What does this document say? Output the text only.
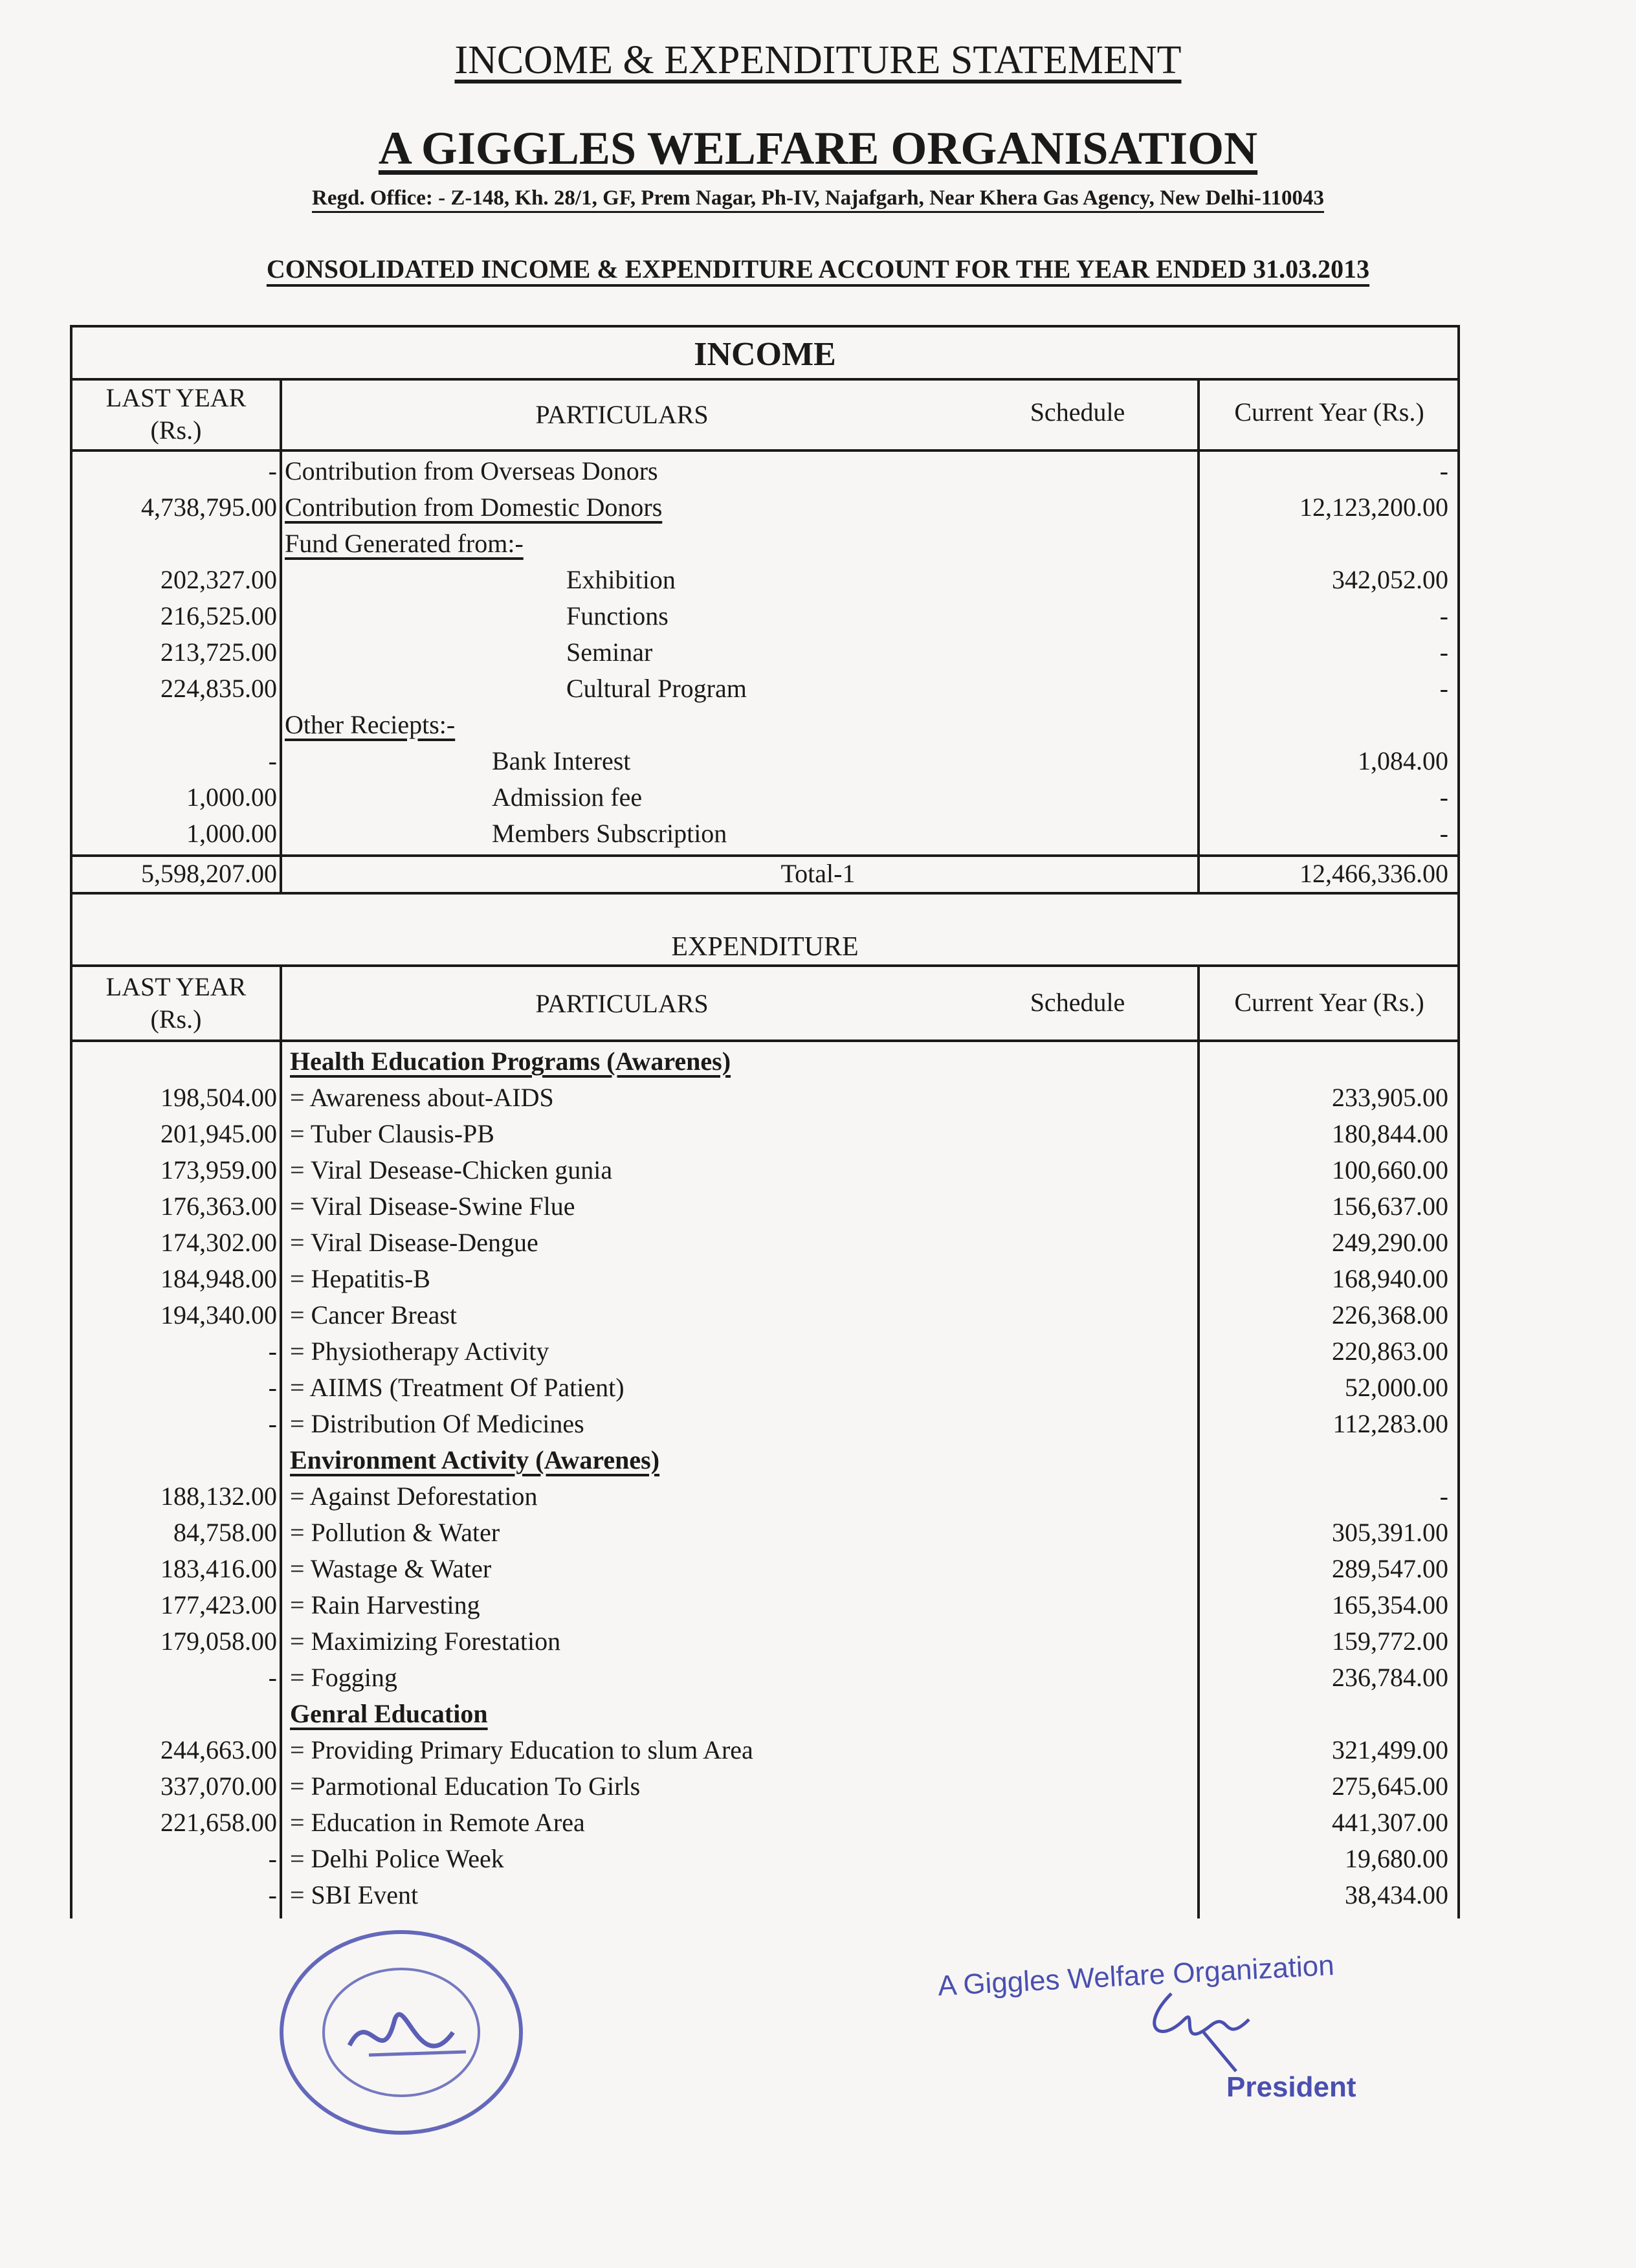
INCOME & EXPENDITURE STATEMENT
A GIGGLES WELFARE ORGANISATION
Regd. Office: - Z-148, Kh. 28/1, GF, Prem Nagar, Ph-IV, Najafgarh, Near Khera Gas Agency, New Delhi-110043
CONSOLIDATED INCOME & EXPENDITURE ACCOUNT FOR THE YEAR ENDED 31.03.2013
INCOME
LAST YEAR
(Rs.)
PARTICULARS	Schedule	Current Year (Rs.)
- Contribution from Overseas Donors	-
4,738,795.00 Contribution from Domestic Donors	12,123,200.00
Fund Generated from:-
202,327.00	Exhibition	342,052.00
216,525.00	Functions	-
213,725.00	Seminar	-
224,835.00	Cultural Program	-
Other Reciepts:-
-	Bank Interest	1,084.00
1,000.00	Admission fee	-
1,000.00	Members Subscription	-
5,598,207.00	Total-1	12,466,336.00
EXPENDITURE
LAST YEAR
(Rs.)
PARTICULARS	Schedule	Current Year (Rs.)
Health Education Programs (Awarenes)
198,504.00 = Awareness about-AIDS	233,905.00
201,945.00 = Tuber Clausis-PB	180,844.00
173,959.00 = Viral Desease-Chicken gunia	100,660.00
176,363.00 = Viral Disease-Swine Flue	156,637.00
174,302.00 = Viral Disease-Dengue	249,290.00
184,948.00 = Hepatitis-B	168,940.00
194,340.00 = Cancer Breast	226,368.00
- = Physiotherapy Activity	220,863.00
- = AIIMS (Treatment Of Patient)	52,000.00
- = Distribution Of Medicines	112,283.00
Environment Activity (Awarenes)
188,132.00 = Against Deforestation	-
84,758.00 = Pollution & Water	305,391.00
183,416.00 = Wastage & Water	289,547.00
177,423.00 = Rain Harvesting	165,354.00
179,058.00 = Maximizing Forestation	159,772.00
- = Fogging	236,784.00
Genral Education
244,663.00 = Providing Primary Education to slum Area	321,499.00
337,070.00 = Parmotional Education To Girls	275,645.00
221,658.00 = Education in Remote Area	441,307.00
- = Delhi Police Week	19,680.00
- = SBI Event	38,434.00
A Giggles Welfare Organization
President
